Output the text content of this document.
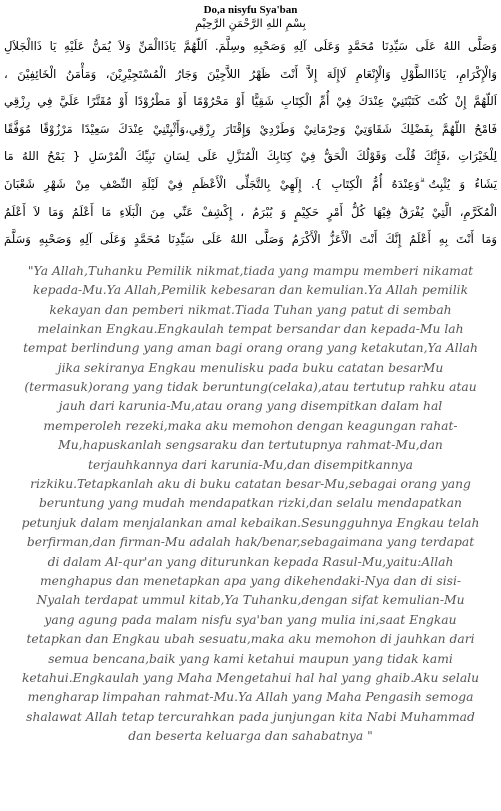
Do,a nisyfu Sya'ban
بِسْمِ اللهِ الرَّحْمَنِ الرَّحِيْمِ
وَصَلَّى اللهُ عَلَى سَيِّدِنَا مُحَمَّدٍ وَعَلَى آلِهِ وَصَحْبِهِ وسِلَّمَ. اَللّهُمَّ يَاذَاالْمَنِّ وَلاَ يُمَنُّ عَلَيْهِ يَا ذَاالْجَلاَلِ
وَالْإِكْرَامِ، يَاذَاالطَّوْلِ وَالْإِنْعَامِ لَاإِلَهَ إِلاَّ أَنْتَ ظَهْرُ اللاَّجِيْنَ وَجَارُ الْمُسْتَجِيْرِيْنَ، وَمَأْمَنُ الْخَائِفِيْنَ ،
اَللّهُمَّ إِنْ كُنْتَ كَتَبْتَنِيْ عِنْدَكَ فِيْ أُمِّ الْكِتَابِ شَقِيًّا أَوْ مَحْرُوْمًا أَوْ مَطْرُوْدًا أَوْ مُقَتَّرًا عَلَيَّ فِي رِزْقِي
فَامْحُ اللّهُمَّ بِفَضْلِكَ شَقَاوَتِيْ وَحِرْمَانِيْ وَطَرْدِيْ وَإِقْتَارَ رِزْقِي،وَأَثْبِتْنِيْ عِنْدَكَ سَعِيْدًا مَرْزُوْقًا مُوَفَّقًا
لِلْخَيْرَاتِ ،فَإِنَّكَ قُلْتَ وَقَوْلُكَ الْحَقُّ فِيْ كِتَابِكَ الْمُنَزَّلِ عَلَى لِسَانِ نَبِيِّكَ الْمُرْسَلِ { يَمْحُ اللهُ مَا
يَشَاءُ وَ يُثْبِتُ ۗوَعِنْدَهُ أُمُّ الْكِتَابِ }. إِلَهِيْ بِالتَّجَلِّى الْأَعْظَمِ فِيْ لَيْلَةِ النِّصْفِ مِنْ شَهْرِ شَعْبَانَ
الْمُكَرَّمِ، الَّتِيْ يُفْرَقُ فِيْهَا كُلُّ أَمْرٍ حَكِيْمٍ وَ يُبْرَمُ ، إِكْشِفْ عَنِّي مِنَ الْبَلَاءِ مَا أَعْلَمُ وَمَا لاَ أَعْلَمُ
وَمَا أَنْتَ بِهِ أَعْلَمُ إِنَّكَ أَنْتَ الْأَعَزُّ الْأَكْرَمُ وَصَلَّى اللهُ عَلَى سَيِّدِنَا مُحَمَّدٍ وَعَلَى آلِهِ وَصَحْبِهِ وَسَلَّمَ
"Ya Allah,Tuhanku Pemilik nikmat,tiada yang mampu memberi nikamat
kepada-Mu.Ya Allah,Pemilik kebesaran dan kemulian.Ya Allah pemilik
kekayan dan pemberi nikmat.Tiada Tuhan yang patut di sembah
melainkan Engkau.Engkaulah tempat bersandar dan kepada-Mu lah
tempat berlindung yang aman bagi orang orang yang ketakutan,Ya Allah
jika sekiranya Engkau menulisku pada buku catatan besarMu
(termasuk)orang yang tidak beruntung(celaka),atau tertutup rahku atau
jauh dari karunia-Mu,atau orang yang disempitkan dalam hal
memperoleh rezeki,maka aku memohon dengan keagungan rahat-
Mu,hapuskanlah sengsaraku dan tertutupnya rahmat-Mu,dan
terjauhkannya dari karunia-Mu,dan disempitkannya
rizkiku.Tetapkanlah aku di buku catatan besar-Mu,sebagai orang yang
beruntung yang mudah mendapatkan rizki,dan selalu mendapatkan
petunjuk dalam menjalankan amal kebaikan.Sesungguhnya Engkau telah
berfirman,dan firman-Mu adalah hak/benar,sebagaimana yang terdapat
di dalam Al-qur'an yang diturunkan kepada Rasul-Mu,yaitu:Allah
menghapus dan menetapkan apa yang dikehendaki-Nya dan di sisi-
Nyalah terdapat ummul kitab,Ya Tuhanku,dengan sifat kemulian-Mu
yang agung pada malam nisfu sya'ban yang mulia ini,saat Engkau
tetapkan dan Engkau ubah sesuatu,maka aku memohon di jauhkan dari
semua bencana,baik yang kami ketahui maupun yang tidak kami
ketahui.Engkaulah yang Maha Mengetahui hal hal yang ghaib.Aku selalu
mengharap limpahan rahmat-Mu.Ya Allah yang Maha Pengasih semoga
shalawat Allah tetap tercurahkan pada junjungan kita Nabi Muhammad
dan beserta keluarga dan sahabatnya "
